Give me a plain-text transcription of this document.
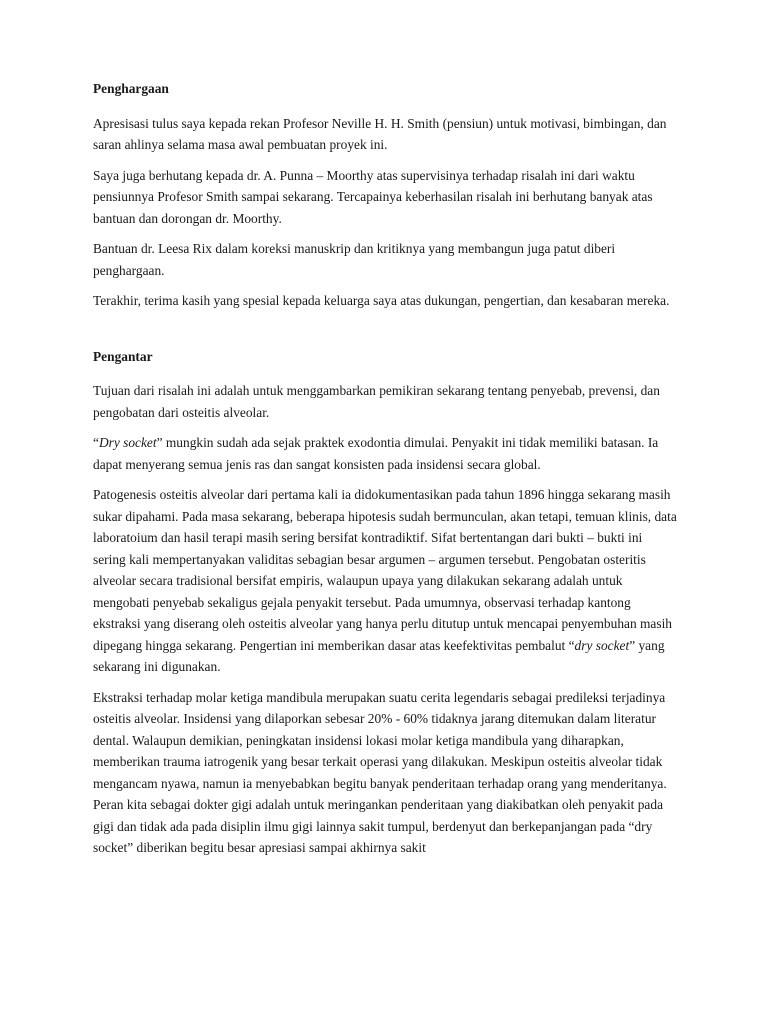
Penghargaan

Apresisasi tulus saya kepada rekan Profesor Neville H. H. Smith (pensiun) untuk motivasi, bimbingan, dan saran ahlinya selama masa awal pembuatan proyek ini.

Saya juga berhutang kepada dr. A. Punna – Moorthy atas supervisinya terhadap risalah ini dari waktu pensiunnya Profesor Smith sampai sekarang. Tercapainya keberhasilan risalah ini berhutang banyak atas bantuan dan dorongan dr. Moorthy.

Bantuan dr. Leesa Rix dalam koreksi manuskrip dan kritiknya yang membangun juga patut diberi penghargaan.

Terakhir, terima kasih yang spesial kepada keluarga saya atas dukungan, pengertian, dan kesabaran mereka.

Pengantar

Tujuan dari risalah ini adalah untuk menggambarkan pemikiran sekarang tentang penyebab, prevensi, dan pengobatan dari osteitis alveolar.

“Dry socket” mungkin sudah ada sejak praktek exodontia dimulai. Penyakit ini tidak memiliki batasan. Ia dapat menyerang semua jenis ras dan sangat konsisten pada insidensi secara global.

Patogenesis osteitis alveolar dari pertama kali ia didokumentasikan pada tahun 1896 hingga sekarang masih sukar dipahami. Pada masa sekarang, beberapa hipotesis sudah bermunculan, akan tetapi, temuan klinis, data laboratoium dan hasil terapi masih sering bersifat kontradiktif. Sifat bertentangan dari bukti – bukti ini sering kali mempertanyakan validitas sebagian besar argumen – argumen tersebut. Pengobatan osteritis alveolar secara tradisional bersifat empiris, walaupun upaya yang dilakukan sekarang adalah untuk mengobati penyebab sekaligus gejala penyakit tersebut. Pada umumnya, observasi terhadap kantong ekstraksi yang diserang oleh osteitis alveolar yang hanya perlu ditutup untuk mencapai penyembuhan masih dipegang hingga sekarang. Pengertian ini memberikan dasar atas keefektivitas pembalut “dry socket” yang sekarang ini digunakan.

Ekstraksi terhadap molar ketiga mandibula merupakan suatu cerita legendaris sebagai predileksi terjadinya osteitis alveolar. Insidensi yang dilaporkan sebesar 20% - 60% tidaknya jarang ditemukan dalam literatur dental. Walaupun demikian, peningkatan insidensi lokasi molar ketiga mandibula yang diharapkan, memberikan trauma iatrogenik yang besar terkait operasi yang dilakukan. Meskipun osteitis alveolar tidak mengancam nyawa, namun ia menyebabkan begitu banyak penderitaan terhadap orang yang menderitanya. Peran kita sebagai dokter gigi adalah untuk meringankan penderitaan yang diakibatkan oleh penyakit pada gigi dan tidak ada pada disiplin ilmu gigi lainnya sakit tumpul, berdenyut dan berkepanjangan pada “dry socket” diberikan begitu besar apresiasi sampai akhirnya sakit
